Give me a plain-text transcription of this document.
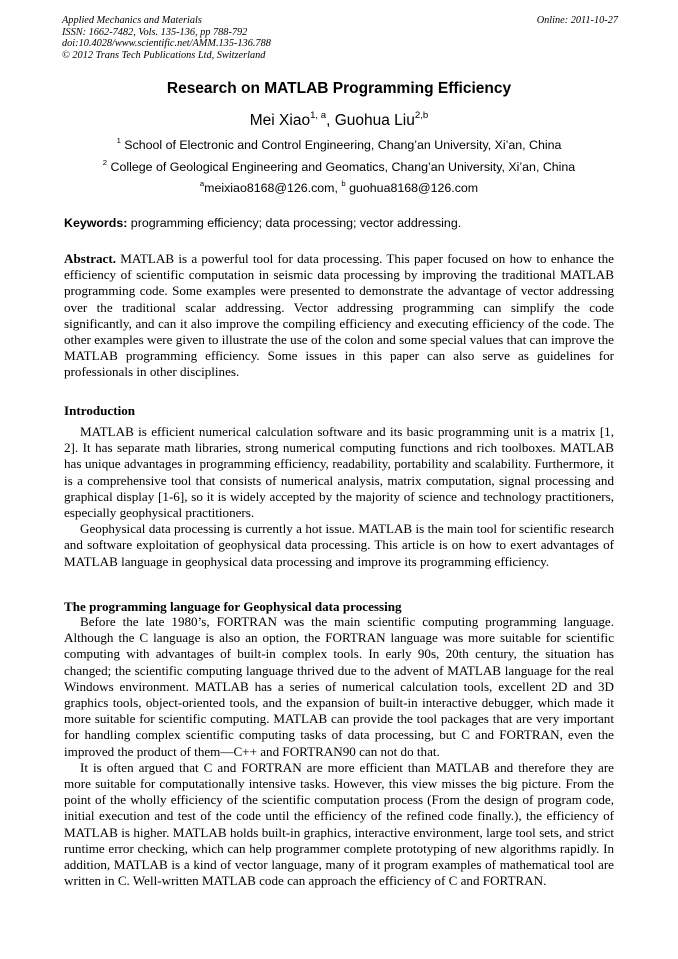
Applied Mechanics and Materials
ISSN: 1662-7482, Vols. 135-136, pp 788-792
doi:10.4028/www.scientific.net/AMM.135-136.788
© 2012 Trans Tech Publications Ltd, Switzerland
Online: 2011-10-27
Research on MATLAB Programming Efficiency
Mei Xiao$^{1, a}$, Guohua Liu$^{2,b}$
$^1$ School of Electronic and Control Engineering, Chang’an University, Xi’an, China
$^2$ College of Geological Engineering and Geomatics, Chang’an University, Xi’an, China
$^a$meixiao8168@126.com, $^b$ guohua8168@126.com
Keywords: programming efficiency; data processing; vector addressing.
Abstract. MATLAB is a powerful tool for data processing. This paper focused on how to enhance the efficiency of scientific computation in seismic data processing by improving the traditional MATLAB programming code. Some examples were presented to demonstrate the advantage of vector addressing over the traditional scalar addressing. Vector addressing programming can simplify the code significantly, and can it also improve the compiling efficiency and executing efficiency of the code. The other examples were given to illustrate the use of the colon and some special values that can improve the MATLAB programming efficiency. Some issues in this paper can also serve as guidelines for professionals in other disciplines.
Introduction

MATLAB is efficient numerical calculation software and its basic programming unit is a matrix [1, 2]. It has separate math libraries, strong numerical computing functions and rich toolboxes. MATLAB has unique advantages in programming efficiency, readability, portability and scalability. Furthermore, it is a comprehensive tool that consists of numerical analysis, matrix computation, signal processing and graphical display [1-6], so it is widely accepted by the majority of science and technology practitioners, especially geophysical practitioners.

Geophysical data processing is currently a hot issue. MATLAB is the main tool for scientific research and software exploitation of geophysical data processing. This article is on how to exert advantages of MATLAB language in geophysical data processing and improve its programming efficiency.

The programming language for Geophysical data processing

Before the late 1980’s, FORTRAN was the main scientific computing programming language. Although the C language is also an option, the FORTRAN language was more suitable for scientific computing with advantages of built-in complex tools. In early 90s, 20th century, the situation has changed; the scientific computing language thrived due to the advent of MATLAB language for the real Windows environment. MATLAB has a series of numerical calculation tools, excellent 2D and 3D graphics tools, object-oriented tools, and the expansion of built-in interactive debugger, which made it more suitable for scientific computing. MATLAB can provide the tool packages that are very important for handling complex scientific computing tasks of data processing, but C and FORTRAN, even the improved the product of them—C++ and FORTRAN90 can not do that.

It is often argued that C and FORTRAN are more efficient than MATLAB and therefore they are more suitable for computationally intensive tasks. However, this view misses the big picture. From the point of the wholly efficiency of the scientific computation process (From the design of program code, initial execution and test of the code until the efficiency of the refined code finally.), the efficiency of MATLAB is higher. MATLAB holds built-in graphics, interactive environment, large tool sets, and strict runtime error checking, which can help programmer complete prototyping of new algorithms rapidly. In addition, MATLAB is a kind of vector language, many of it program examples of mathematical tool are written in C. Well-written MATLAB code can approach the efficiency of C and FORTRAN.
